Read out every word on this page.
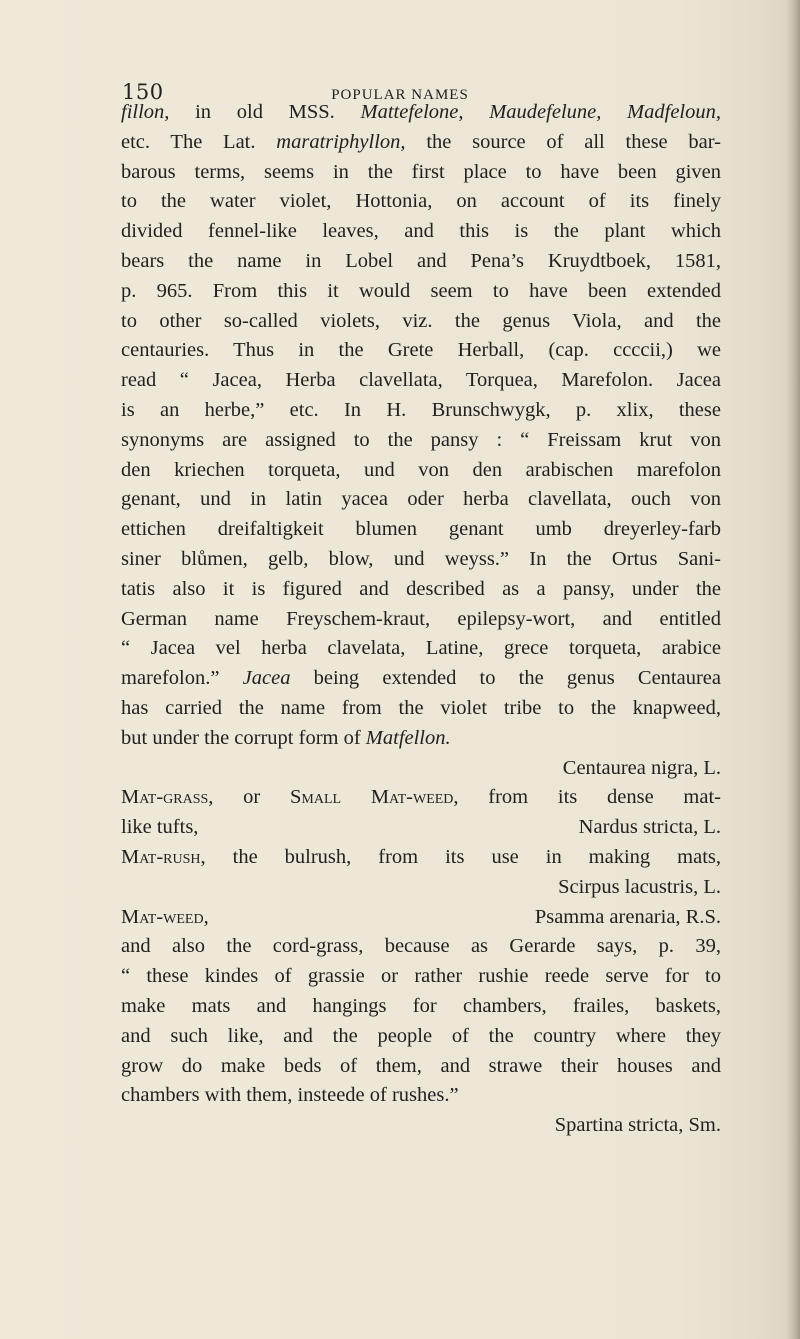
150	POPULAR NAMES
fillon, in old MSS. Mattefelone, Maudefelune, Madfeloun,
etc. The Lat. maratriphyllon, the source of all these bar-
barous terms, seems in the first place to have been given
to the water violet, Hottonia, on account of its finely
divided fennel-like leaves, and this is the plant which
bears the name in Lobel and Pena’s Kruydtboek, 1581,
p. 965. From this it would seem to have been extended
to other so-called violets, viz. the genus Viola, and the
centauries. Thus in the Grete Herball, (cap. ccccii,) we
read “ Jacea, Herba clavellata, Torquea, Marefolon. Jacea
is an herbe,” etc. In H. Brunschwygk, p. xlix, these
synonyms are assigned to the pansy : “ Freissam krut von
den kriechen torqueta, und von den arabischen marefolon
genant, und in latin yacea oder herba clavellata, ouch von
ettichen dreifaltigkeit blumen genant umb dreyerley-farb
siner blůmen, gelb, blow, und weyss.” In the Ortus Sani-
tatis also it is figured and described as a pansy, under the
German name Freyschem-kraut, epilepsy-wort, and entitled
“ Jacea vel herba clavelata, Latine, grece torqueta, arabice
marefolon.” Jacea being extended to the genus Centaurea
has carried the name from the violet tribe to the knapweed,
but under the corrupt form of Matfellon.
Centaurea nigra, L.
Mat-grass, or Small Mat-weed, from its dense mat-
like tufts,	Nardus stricta, L.
Mat-rush, the bulrush, from its use in making mats,
Scirpus lacustris, L.
Mat-weed,	Psamma arenaria, R.S.
and also the cord-grass, because as Gerarde says, p. 39,
“ these kindes of grassie or rather rushie reede serve for to
make mats and hangings for chambers, frailes, baskets,
and such like, and the people of the country where they
grow do make beds of them, and strawe their houses and
chambers with them, insteede of rushes.”
Spartina stricta, Sm.
